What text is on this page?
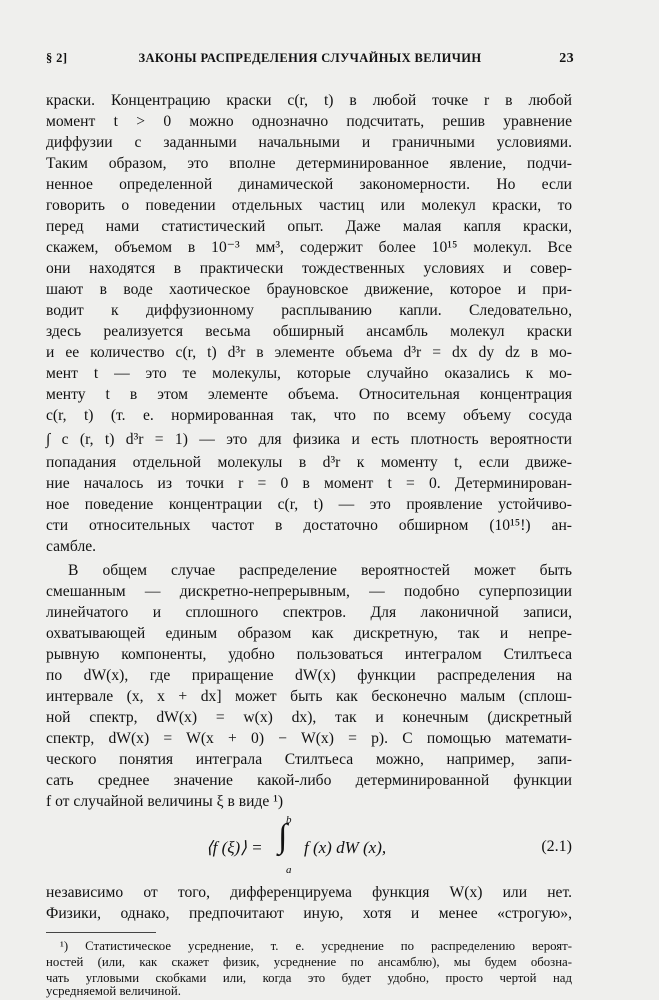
§ 2]	ЗАКОНЫ РАСПРЕДЕЛЕНИЯ СЛУЧАЙНЫХ ВЕЛИЧИН	23
краски. Концентрацию краски c(r, t) в любой точке r в любой
момент t > 0 можно однозначно подсчитать, решив уравнение
диффузии с заданными начальными и граничными условиями.
Таким образом, это вполне детерминированное явление, подчи-
ненное определенной динамической закономерности. Но если
говорить о поведении отдельных частиц или молекул краски, то
перед нами статистический опыт. Даже малая капля краски,
скажем, объемом в 10⁻³ мм³, содержит более 10¹⁵ молекул. Все
они находятся в практически тождественных условиях и совер-
шают в воде хаотическое брауновское движение, которое и при-
водит к диффузионному расплыванию капли. Следовательно,
здесь реализуется весьма обширный ансамбль молекул краски
и ее количество c(r, t) d³r в элементе объема d³r = dx dy dz в мо-
мент t — это те молекулы, которые случайно оказались к мо-
менту t в этом элементе объема. Относительная концентрация
c(r, t) (т. е. нормированная так, что по всему объему сосуда
∫ c (r, t) d³r = 1) — это для физика и есть плотность вероятности
попадания отдельной молекулы в d³r к моменту t, если движе-
ние началось из точки r = 0 в момент t = 0. Детерминирован-
ное поведение концентрации c(r, t) — это проявление устойчиво-
сти относительных частот в достаточно обширном (10¹⁵!) ан-
самбле.
В общем случае распределение вероятностей может быть
смешанным — дискретно-непрерывным, — подобно суперпозиции
линейчатого и сплошного спектров. Для лаконичной записи,
охватывающей единым образом как дискретную, так и непре-
рывную компоненты, удобно пользоваться интегралом Стилтьеса
по dW(x), где приращение dW(x) функции распределения на
интервале (x, x + dx] может быть как бесконечно малым (сплош-
ной спектр, dW(x) = w(x) dx), так и конечным (дискретный
спектр, dW(x) = W(x + 0) − W(x) = p). С помощью математи-
ческого понятия интеграла Стилтьеса можно, например, запи-
сать среднее значение какой-либо детерминированной функции
f от случайной величины ξ в виде ¹)
⟨f (ξ)⟩ =
b
∫
a
f (x) dW (x),	(2.1)
независимо от того, дифференцируема функция W(x) или нет.
Физики, однако, предпочитают иную, хотя и менее «строгую»,
¹) Статистическое усреднение, т. е. усреднение по распределению вероят-
ностей (или, как скажет физик, усреднение по ансамблю), мы будем обозна-
чать угловыми скобками или, когда это будет удобно, просто чертой над
усредняемой величиной.
